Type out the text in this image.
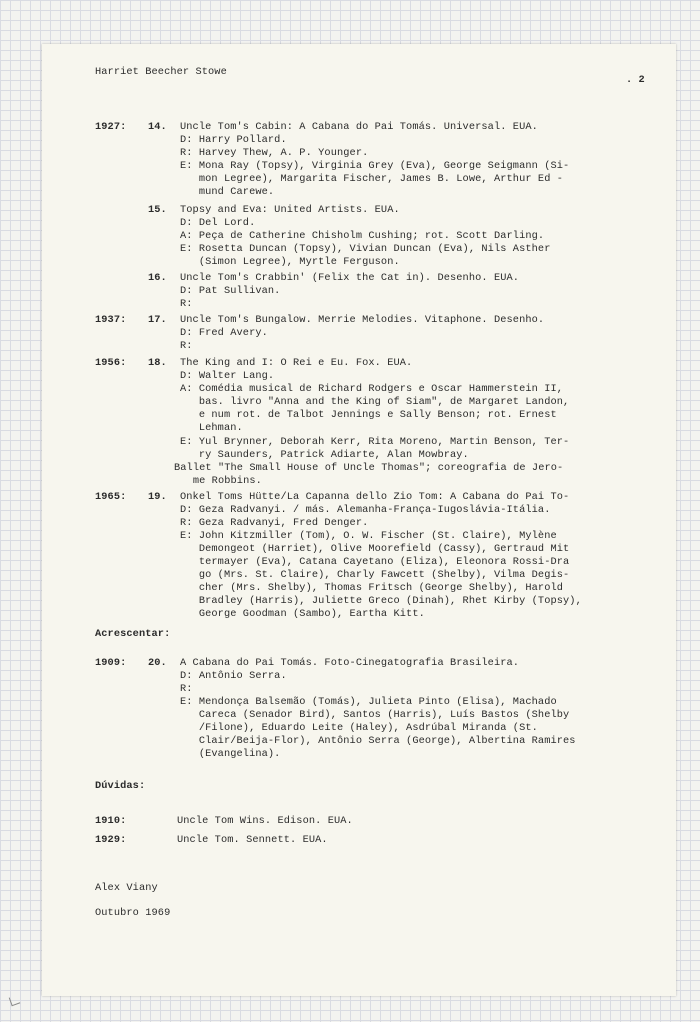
Harriet Beecher Stowe
. 2
1927: 14. Uncle Tom's Cabin: A Cabana do Pai Tomás. Universal. EUA.
D: Harry Pollard.
R: Harvey Thew, A. P. Younger.
E: Mona Ray (Topsy), Virginia Grey (Eva), George Seigmann (Si-
mon Legree), Margarita Fischer, James B. Lowe, Arthur Ed -
mund Carewe.
15. Topsy and Eva: United Artists. EUA.
D: Del Lord.
A: Peça de Catherine Chisholm Cushing; rot. Scott Darling.
E: Rosetta Duncan (Topsy), Vivian Duncan (Eva), Nils Asther
(Simon Legree), Myrtle Ferguson.
16. Uncle Tom's Crabbin' (Felix the Cat in). Desenho. EUA.
D: Pat Sullivan.
R:
1937: 17. Uncle Tom's Bungalow. Merrie Melodies. Vitaphone. Desenho.
D: Fred Avery.
R:
1956: 18. The King and I: O Rei e Eu. Fox. EUA.
D: Walter Lang.
A: Comédia musical de Richard Rodgers e Oscar Hammerstein II,
bas. livro "Anna and the King of Siam", de Margaret Landon,
e num rot. de Talbot Jennings e Sally Benson; rot. Ernest
Lehman.
E: Yul Brynner, Deborah Kerr, Rita Moreno, Martin Benson, Ter-
ry Saunders, Patrick Adiarte, Alan Mowbray.
Ballet "The Small House of Uncle Thomas"; coreografia de Jero-
me Robbins.
1965: 19. Onkel Toms Hütte/La Capanna dello Zio Tom: A Cabana do Pai To-
D: Geza Radvanyi. / más. Alemanha-França-Iugoslávia-Itália.
R: Geza Radvanyi, Fred Denger.
E: John Kitzmiller (Tom), O. W. Fischer (St. Claire), Mylène
Demongeot (Harriet), Olive Moorefield (Cassy), Gertraud Mit
termayer (Eva), Catana Cayetano (Eliza), Eleonora Rossi-Dra
go (Mrs. St. Claire), Charly Fawcett (Shelby), Vilma Degis-
cher (Mrs. Shelby), Thomas Fritsch (George Shelby), Harold
Bradley (Harris), Juliette Greco (Dinah), Rhet Kirby (Topsy),
George Goodman (Sambo), Eartha Kitt.
Acrescentar:
1909: 20. A Cabana do Pai Tomás. Foto-Cinegatografia Brasileira.
D: Antônio Serra.
R:
E: Mendonça Balsemão (Tomás), Julieta Pinto (Elisa), Machado
Careca (Senador Bird), Santos (Harris), Luís Bastos (Shelby
/Filone), Eduardo Leite (Haley), Asdrúbal Miranda (St.
Clair/Beija-Flor), Antônio Serra (George), Albertina Ramires
(Evangelina).
Dúvidas:
1910:	Uncle Tom Wins. Edison. EUA.
1929:	Uncle Tom. Sennett. EUA.
Alex Viany
Outubro 1969
